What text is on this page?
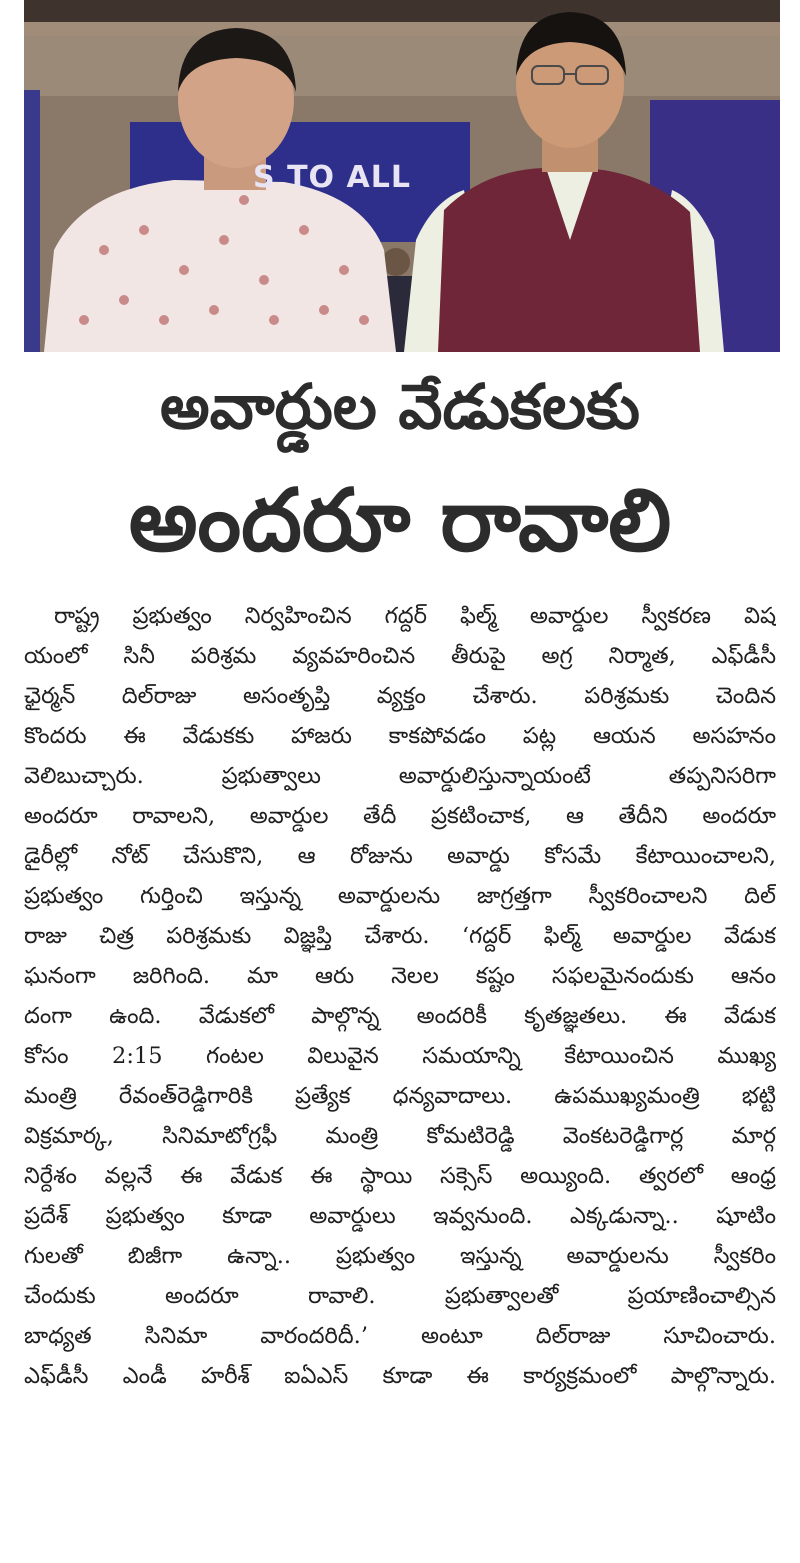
S TO ALL
అవార్డుల వేడుకలకు
అందరూ రావాలి
రాష్ట్ర ప్రభుత్వం నిర్వహించిన గద్దర్ ఫిల్మ్ అవార్డుల స్వీకరణ విష
యంలో సినీ పరిశ్రమ వ్యవహరించిన తీరుపై అగ్ర నిర్మాత, ఎఫ్‌డీసీ
ఛైర్మన్ దిల్‌రాజు అసంతృప్తి వ్యక్తం చేశారు. పరిశ్రమకు చెందిన
కొందరు ఈ వేడుకకు హాజరు కాకపోవడం పట్ల ఆయన అసహనం
వెలిబుచ్చారు. ప్రభుత్వాలు అవార్డులిస్తున్నాయంటే తప్పనిసరిగా
అందరూ రావాలని, అవార్డుల తేదీ ప్రకటించాక, ఆ తేదీని అందరూ
డైరీల్లో నోట్ చేసుకొని, ఆ రోజును అవార్డు కోసమే కేటాయించాలని,
ప్రభుత్వం గుర్తించి ఇస్తున్న అవార్డులను జాగ్రత్తగా స్వీకరించాలని దిల్
రాజు చిత్ర పరిశ్రమకు విజ్ఞప్తి చేశారు. ‘గద్దర్ ఫిల్మ్ అవార్డుల వేడుక
ఘనంగా జరిగింది. మా ఆరు నెలల కష్టం సఫలమైనందుకు ఆనం
దంగా ఉంది. వేడుకలో పాల్గొన్న అందరికీ కృతజ్ఞతలు. ఈ వేడుక
కోసం 2:15 గంటల విలువైన సమయాన్ని కేటాయించిన ముఖ్య
మంత్రి రేవంత్‌రెడ్డిగారికి ప్రత్యేక ధన్యవాదాలు. ఉపముఖ్యమంత్రి భట్టి
విక్రమార్క, సినిమాటోగ్రఫీ మంత్రి కోమటిరెడ్డి వెంకటరెడ్డిగార్ల మార్గ
నిర్దేశం వల్లనే ఈ వేడుక ఈ స్థాయి సక్సెస్ అయ్యింది. త్వరలో ఆంధ్ర
ప్రదేశ్ ప్రభుత్వం కూడా అవార్డులు ఇవ్వనుంది. ఎక్కడున్నా.. షూటిం
గులతో బిజీగా ఉన్నా.. ప్రభుత్వం ఇస్తున్న అవార్డులను స్వీకరిం
చేందుకు అందరూ రావాలి. ప్రభుత్వాలతో ప్రయాణించాల్సిన
బాధ్యత సినిమా వారందరిదీ.’ అంటూ దిల్‌రాజు సూచించారు.
ఎఫ్‌డీసీ ఎండీ హరీశ్ ఐఏఎస్ కూడా ఈ కార్యక్రమంలో పాల్గొన్నారు.
